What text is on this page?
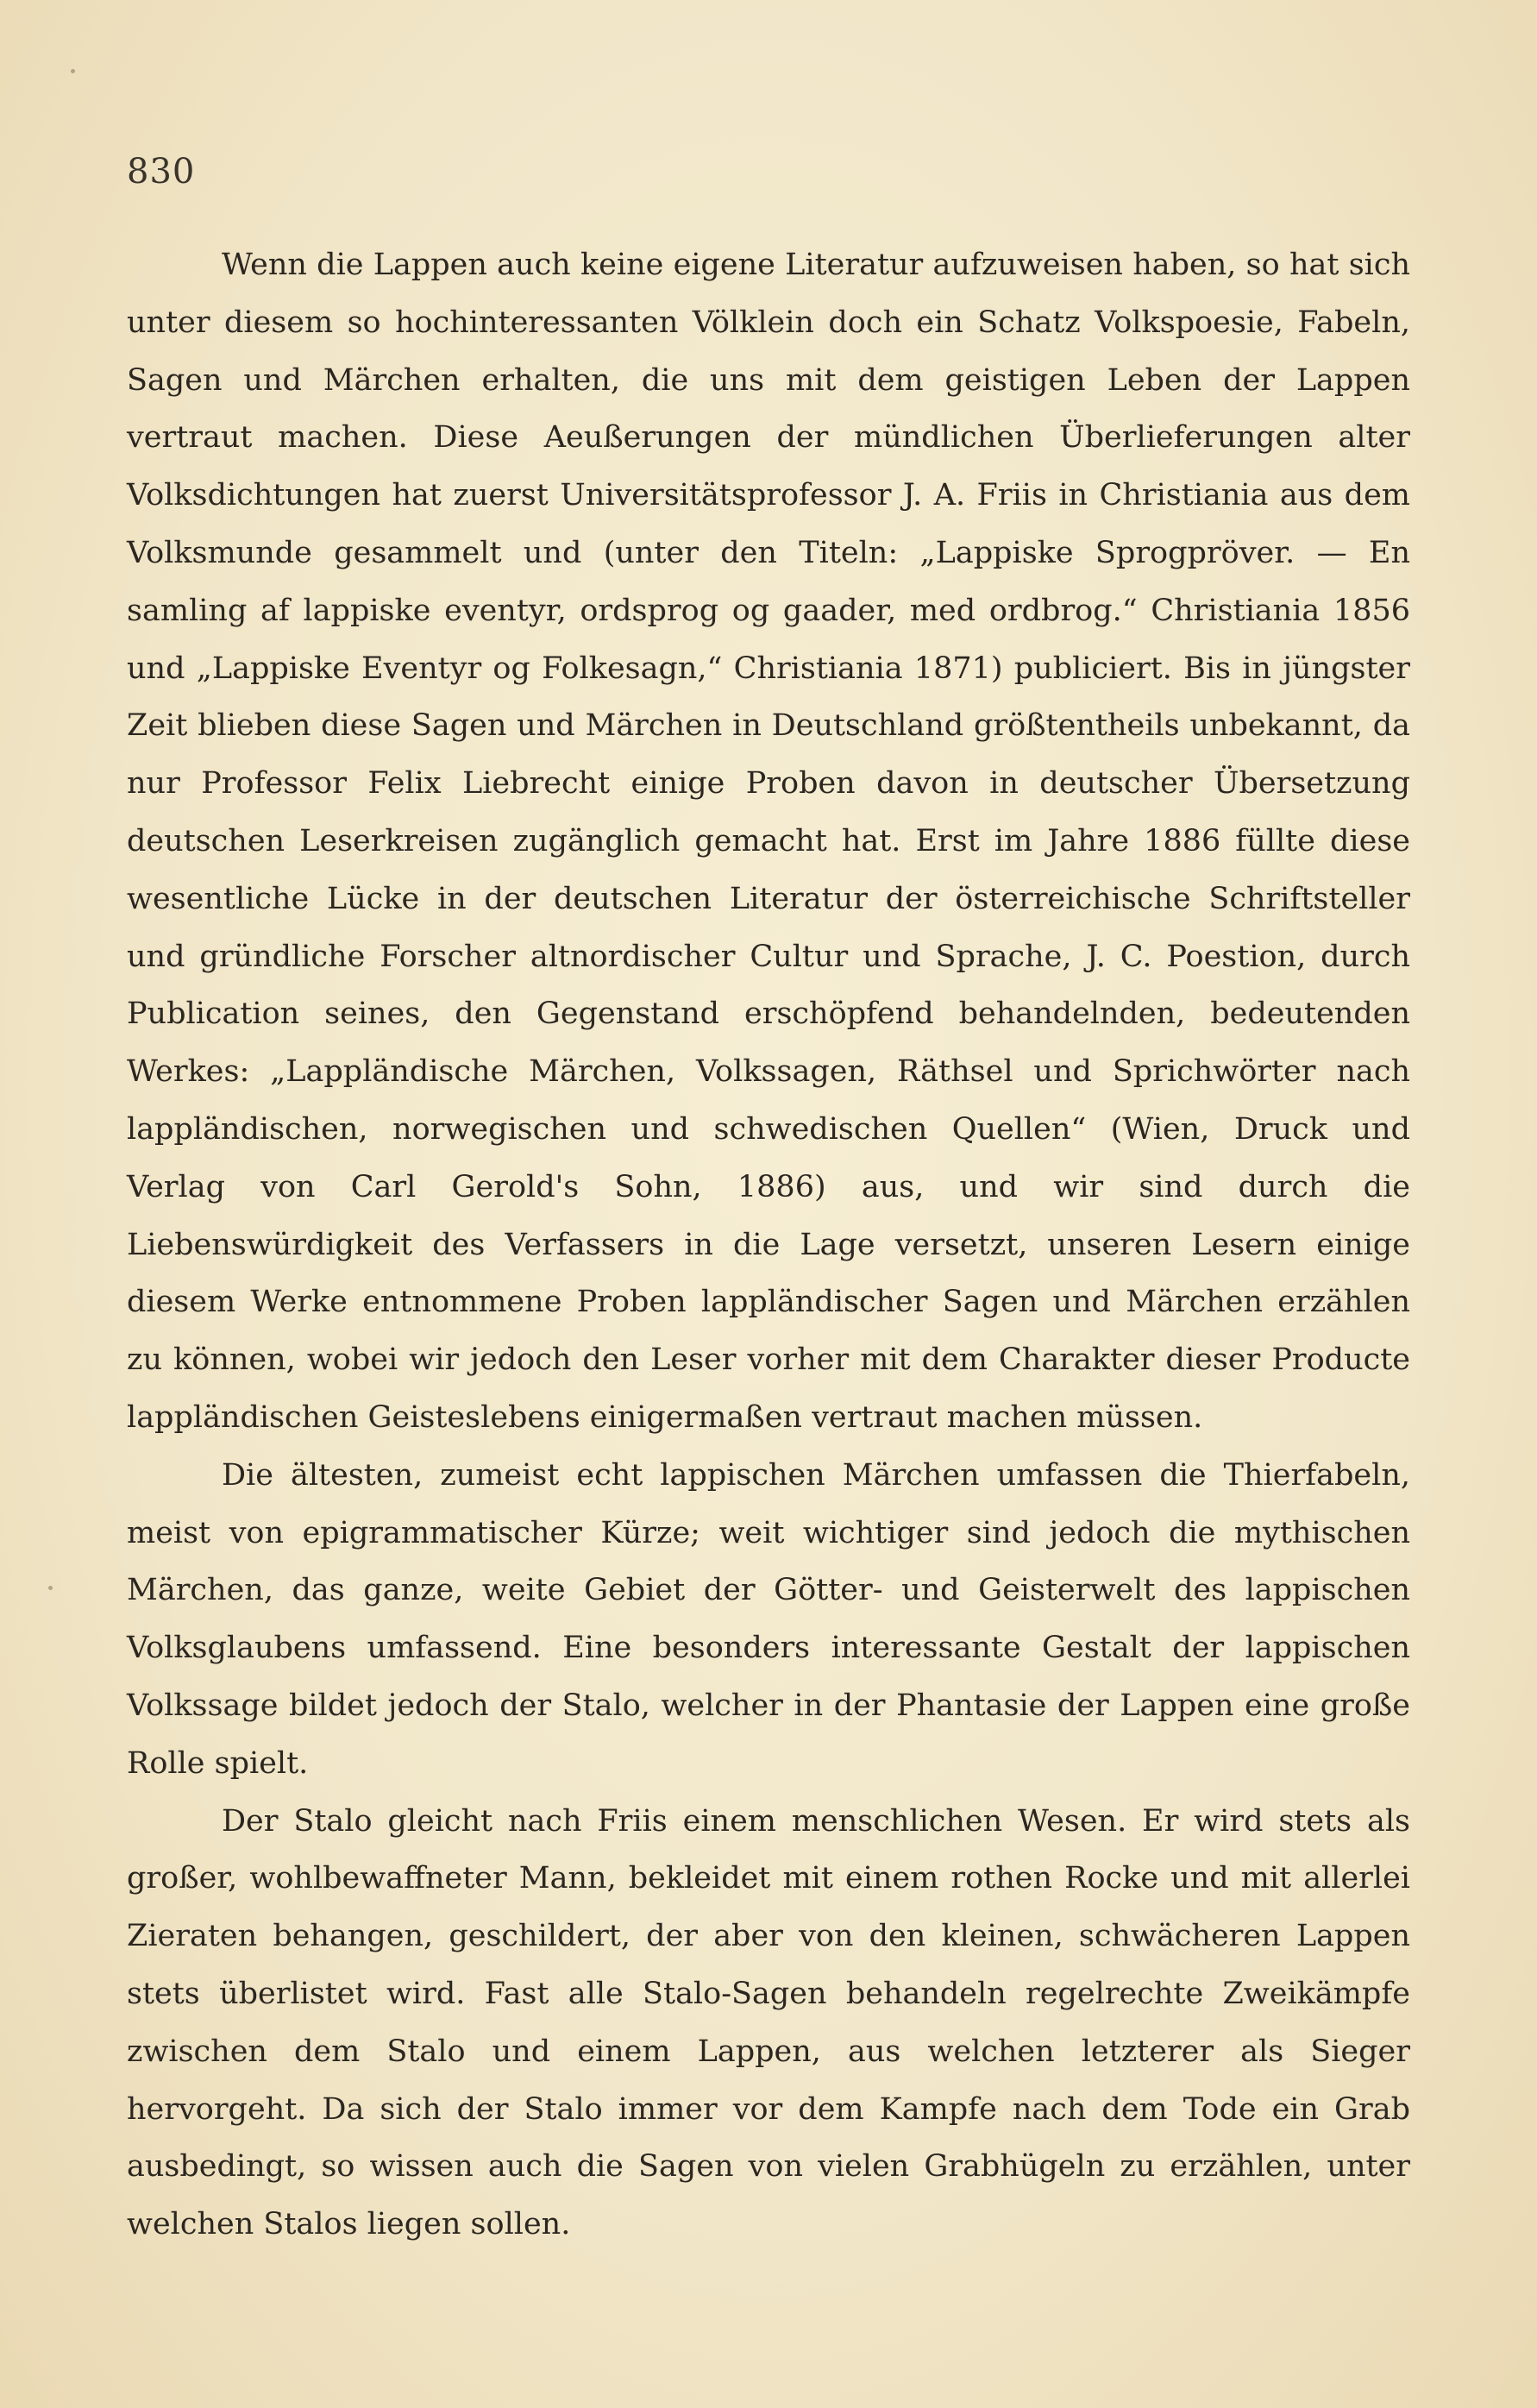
830

Wenn die Lappen auch keine eigene Literatur aufzuweisen haben, so hat sich unter diesem so hochinteressanten Völklein doch ein Schatz Volkspoesie, Fabeln, Sagen und Märchen erhalten, die uns mit dem geistigen Leben der Lappen vertraut machen. Diese Aeußerungen der mündlichen Überlieferungen alter Volksdichtungen hat zuerst Universitätsprofessor J. A. Friis in Christiania aus dem Volksmunde gesammelt und (unter den Titeln: „Lappiske Sprogpröver. — En samling af lappiske eventyr, ordsprog og gaader, med ordbrog.“ Christiania 1856 und „Lappiske Eventyr og Folkesagn,“ Christiania 1871) publiciert. Bis in jüngster Zeit blieben diese Sagen und Märchen in Deutschland größtentheils unbekannt, da nur Professor Felix Liebrecht einige Proben davon in deutscher Übersetzung deutschen Leserkreisen zugänglich gemacht hat. Erst im Jahre 1886 füllte diese wesentliche Lücke in der deutschen Literatur der österreichische Schriftsteller und gründliche Forscher altnordischer Cultur und Sprache, J. C. Poestion, durch Publication seines, den Gegenstand erschöpfend behandelnden, bedeutenden Werkes: „Lappländische Märchen, Volkssagen, Räthsel und Sprichwörter nach lappländischen, norwegischen und schwedischen Quellen“ (Wien, Druck und Verlag von Carl Gerold's Sohn, 1886) aus, und wir sind durch die Liebenswürdigkeit des Verfassers in die Lage versetzt, unseren Lesern einige diesem Werke entnommene Proben lappländischer Sagen und Märchen erzählen zu können, wobei wir jedoch den Leser vorher mit dem Charakter dieser Producte lappländischen Geisteslebens einigermaßen vertraut machen müssen.

Die ältesten, zumeist echt lappischen Märchen umfassen die Thierfabeln, meist von epigrammatischer Kürze; weit wichtiger sind jedoch die mythischen Märchen, das ganze, weite Gebiet der Götter- und Geisterwelt des lappischen Volksglaubens umfassend. Eine besonders interessante Gestalt der lappischen Volkssage bildet jedoch der Stalo, welcher in der Phantasie der Lappen eine große Rolle spielt.

Der Stalo gleicht nach Friis einem menschlichen Wesen. Er wird stets als großer, wohlbewaffneter Mann, bekleidet mit einem rothen Rocke und mit allerlei Zieraten behangen, geschildert, der aber von den kleinen, schwächeren Lappen stets überlistet wird. Fast alle Stalo-Sagen behandeln regelrechte Zweikämpfe zwischen dem Stalo und einem Lappen, aus welchen letzterer als Sieger hervorgeht. Da sich der Stalo immer vor dem Kampfe nach dem Tode ein Grab ausbedingt, so wissen auch die Sagen von vielen Grabhügeln zu erzählen, unter welchen Stalos liegen sollen.
